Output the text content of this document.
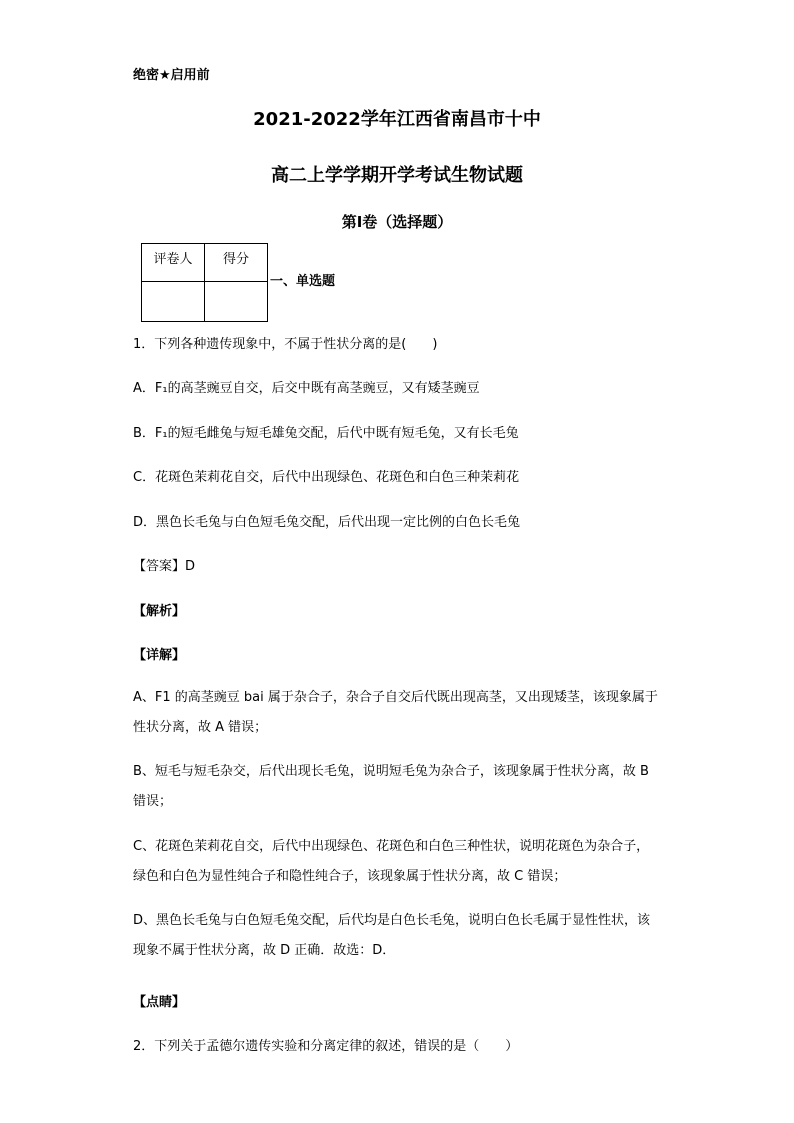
绝密★启用前
2021-2022学年江西省南昌市十中
高二上学学期开学考试生物试题
第I卷（选择题）
评卷人	得分

一、单选题
1．下列各种遗传现象中，不属于性状分离的是(　　)
A．F₁的高茎豌豆自交，后交中既有高茎豌豆，又有矮茎豌豆
B．F₁的短毛雌兔与短毛雄兔交配，后代中既有短毛兔，又有长毛兔
C．花斑色茉莉花自交，后代中出现绿色、花斑色和白色三种茉莉花
D．黑色长毛兔与白色短毛兔交配，后代出现一定比例的白色长毛兔
【答案】D
【解析】
【详解】
A、F1 的高茎豌豆 bai 属于杂合子，杂合子自交后代既出现高茎，又出现矮茎，该现象属于性状分离，故 A 错误；
B、短毛与短毛杂交，后代出现长毛兔，说明短毛兔为杂合子，该现象属于性状分离，故 B 错误；
C、花斑色茉莉花自交，后代中出现绿色、花斑色和白色三种性状，说明花斑色为杂合子，绿色和白色为显性纯合子和隐性纯合子，该现象属于性状分离，故 C 错误；
D、黑色长毛兔与白色短毛兔交配，后代均是白色长毛兔，说明白色长毛属于显性性状，该现象不属于性状分离，故 D 正确．故选：D．
【点睛】
2．下列关于孟德尔遗传实验和分离定律的叙述，错误的是（　　）
